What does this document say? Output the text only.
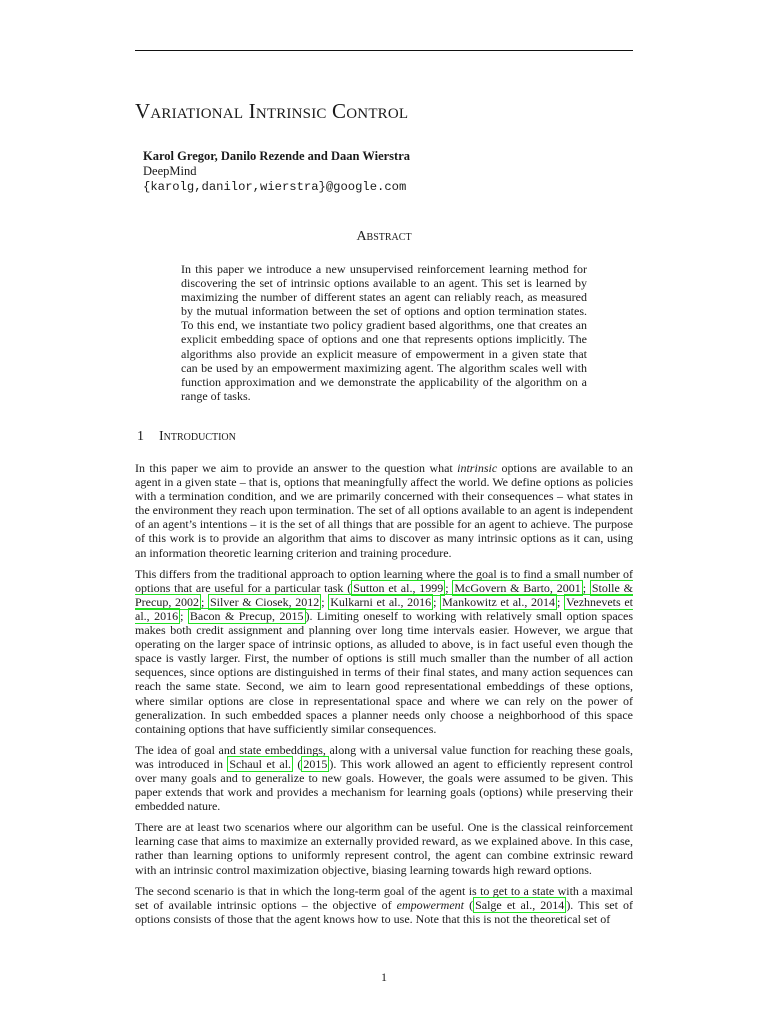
Variational Intrinsic Control
Karol Gregor, Danilo Rezende and Daan Wierstra
DeepMind
{karolg,danilor,wierstra}@google.com
Abstract
In this paper we introduce a new unsupervised reinforcement learning method for discovering the set of intrinsic options available to an agent. This set is learned by maximizing the number of different states an agent can reliably reach, as measured by the mutual information between the set of options and option termination states. To this end, we instantiate two policy gradient based algorithms, one that creates an explicit embedding space of options and one that represents options implicitly. The algorithms also provide an explicit measure of empowerment in a given state that can be used by an empowerment maximizing agent. The algorithm scales well with function approximation and we demonstrate the applicability of the algorithm on a range of tasks.
1 Introduction

In this paper we aim to provide an answer to the question what intrinsic options are available to an agent in a given state – that is, options that meaningfully affect the world. We define options as policies with a termination condition, and we are primarily concerned with their consequences – what states in the environment they reach upon termination. The set of all options available to an agent is independent of an agent’s intentions – it is the set of all things that are possible for an agent to achieve. The purpose of this work is to provide an algorithm that aims to discover as many intrinsic options as it can, using an information theoretic learning criterion and training procedure.

This differs from the traditional approach to option learning where the goal is to find a small number of options that are useful for a particular task ( Sutton et al., 1999 ; McGovern & Barto, 2001 ; Stolle & Precup, 2002 ; Silver & Ciosek, 2012 ; Kulkarni et al., 2016 ; Mankowitz et al., 2014 ; Vezhnevets et al., 2016 ; Bacon & Precup, 2015 ). Limiting oneself to working with relatively small option spaces makes both credit assignment and planning over long time intervals easier. However, we argue that operating on the larger space of intrinsic options, as alluded to above, is in fact useful even though the space is vastly larger. First, the number of options is still much smaller than the number of all action sequences, since options are distinguished in terms of their final states, and many action sequences can reach the same state. Second, we aim to learn good representational embeddings of these options, where similar options are close in representational space and where we can rely on the power of generalization. In such embedded spaces a planner needs only choose a neighborhood of this space containing options that have sufficiently similar consequences.

The idea of goal and state embeddings, along with a universal value function for reaching these goals, was introduced in Schaul et al. ( 2015 ). This work allowed an agent to efficiently represent control over many goals and to generalize to new goals. However, the goals were assumed to be given. This paper extends that work and provides a mechanism for learning goals (options) while preserving their embedded nature.

There are at least two scenarios where our algorithm can be useful. One is the classical reinforcement learning case that aims to maximize an externally provided reward, as we explained above. In this case, rather than learning options to uniformly represent control, the agent can combine extrinsic reward with an intrinsic control maximization objective, biasing learning towards high reward options.

The second scenario is that in which the long-term goal of the agent is to get to a state with a maximal set of available intrinsic options – the objective of empowerment ( Salge et al., 2014 ). This set of options consists of those that the agent knows how to use. Note that this is not the theoretical set of

1
